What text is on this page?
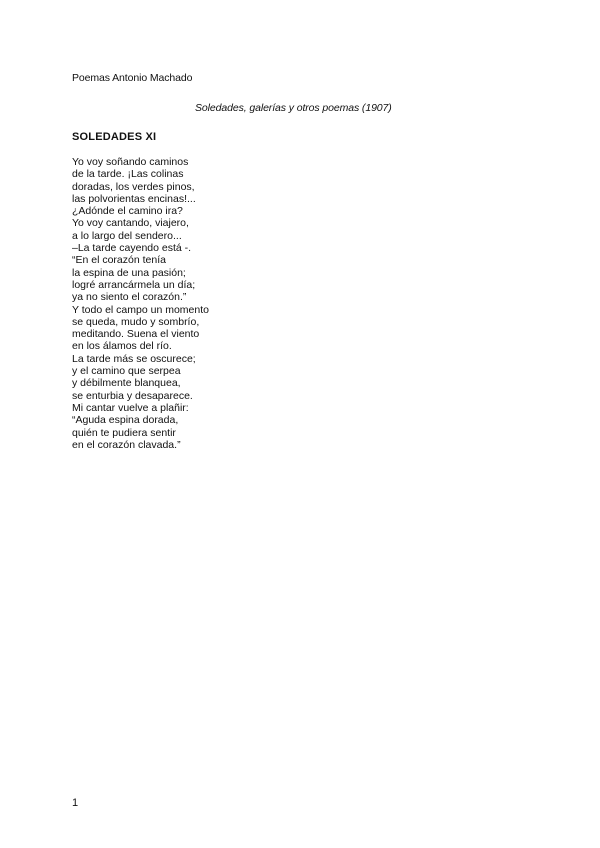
Poemas Antonio Machado
Soledades, galerías y otros poemas (1907)
SOLEDADES XI
Yo voy soñando caminos
de la tarde. ¡Las colinas
doradas, los verdes pinos,
las polvorientas encinas!...
¿Adónde el camino ira?
Yo voy cantando, viajero,
a lo largo del sendero...
–La tarde cayendo está -.
“En el corazón tenía
la espina de una pasión;
logré arrancármela un día;
ya no siento el corazón.”
Y todo el campo un momento
se queda, mudo y sombrío,
meditando. Suena el viento
en los álamos del río.
La tarde más se oscurece;
y el camino que serpea
y débilmente blanquea,
se enturbia y desaparece.
Mi cantar vuelve a plañir:
“Aguda espina dorada,
quién te pudiera sentir
en el corazón clavada.”
1
